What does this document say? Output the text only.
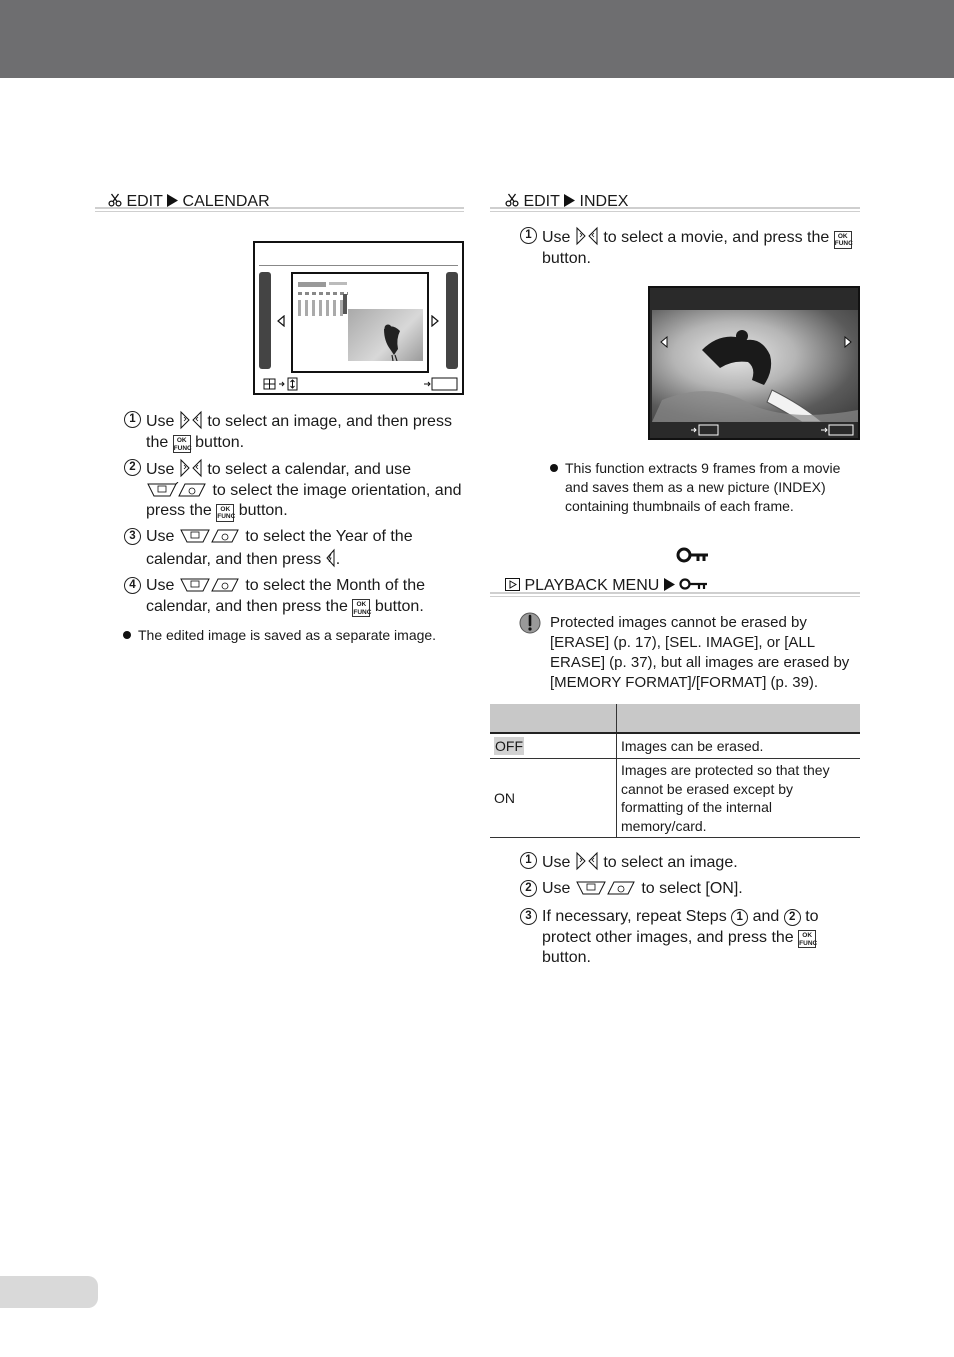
EDIT CALENDAR
1 Use to select an image, and then press the OK
FUNC button.
2 Use to select a calendar, and use  to select the image orientation, and press the OK
FUNC button.
3 Use	to select the Year of the calendar, and then press .
4 Use	to select the Month of the calendar, and then press the OK
FUNC button.
The edited image is saved as a separate image.
EDIT INDEX
1 Use to select a movie, and press the OK
FUNC button.
This function extracts 9 frames from a movie and saves them as a new picture (INDEX) containing thumbnails of each frame.
PLAYBACK MENU
Protected images cannot be erased by [ERASE] (p. 17), [SEL. IMAGE], or [ALL ERASE] (p. 37), but all images are erased by [MEMORY FORMAT]/[FORMAT] (p. 39).

OFF	Images can be erased.
ON	Images are protected so that they cannot be erased except by formatting of the internal memory/card.
1 Use to select an image.
2 Use	to select [ON].
3 If necessary, repeat Steps 1 and 2 to protect other images, and press the OK
FUNC button.
